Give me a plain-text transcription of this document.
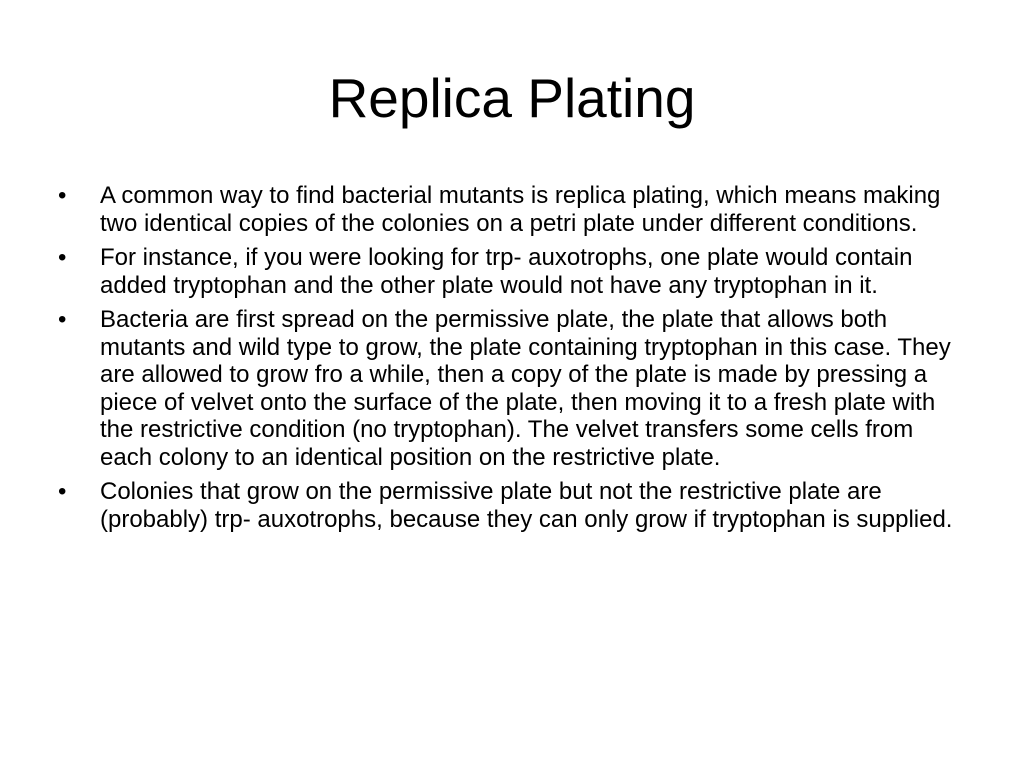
Replica Plating
• A common way to find bacterial mutants is replica plating, which means making two identical copies of the colonies on a petri plate under different conditions.
• For instance, if you were looking for trp- auxotrophs, one plate would contain added tryptophan and the other plate would not have any tryptophan in it.
• Bacteria are first spread on the permissive plate, the plate that allows both mutants and wild type to grow, the plate containing tryptophan in this case. They are allowed to grow fro a while, then a copy of the plate is made by pressing a piece of velvet onto the surface of the plate, then moving it to a fresh plate with the restrictive condition (no tryptophan). The velvet transfers some cells from each colony to an identical position on the restrictive plate.
• Colonies that grow on the permissive plate but not the restrictive plate are (probably) trp- auxotrophs, because they can only grow if tryptophan is supplied.
